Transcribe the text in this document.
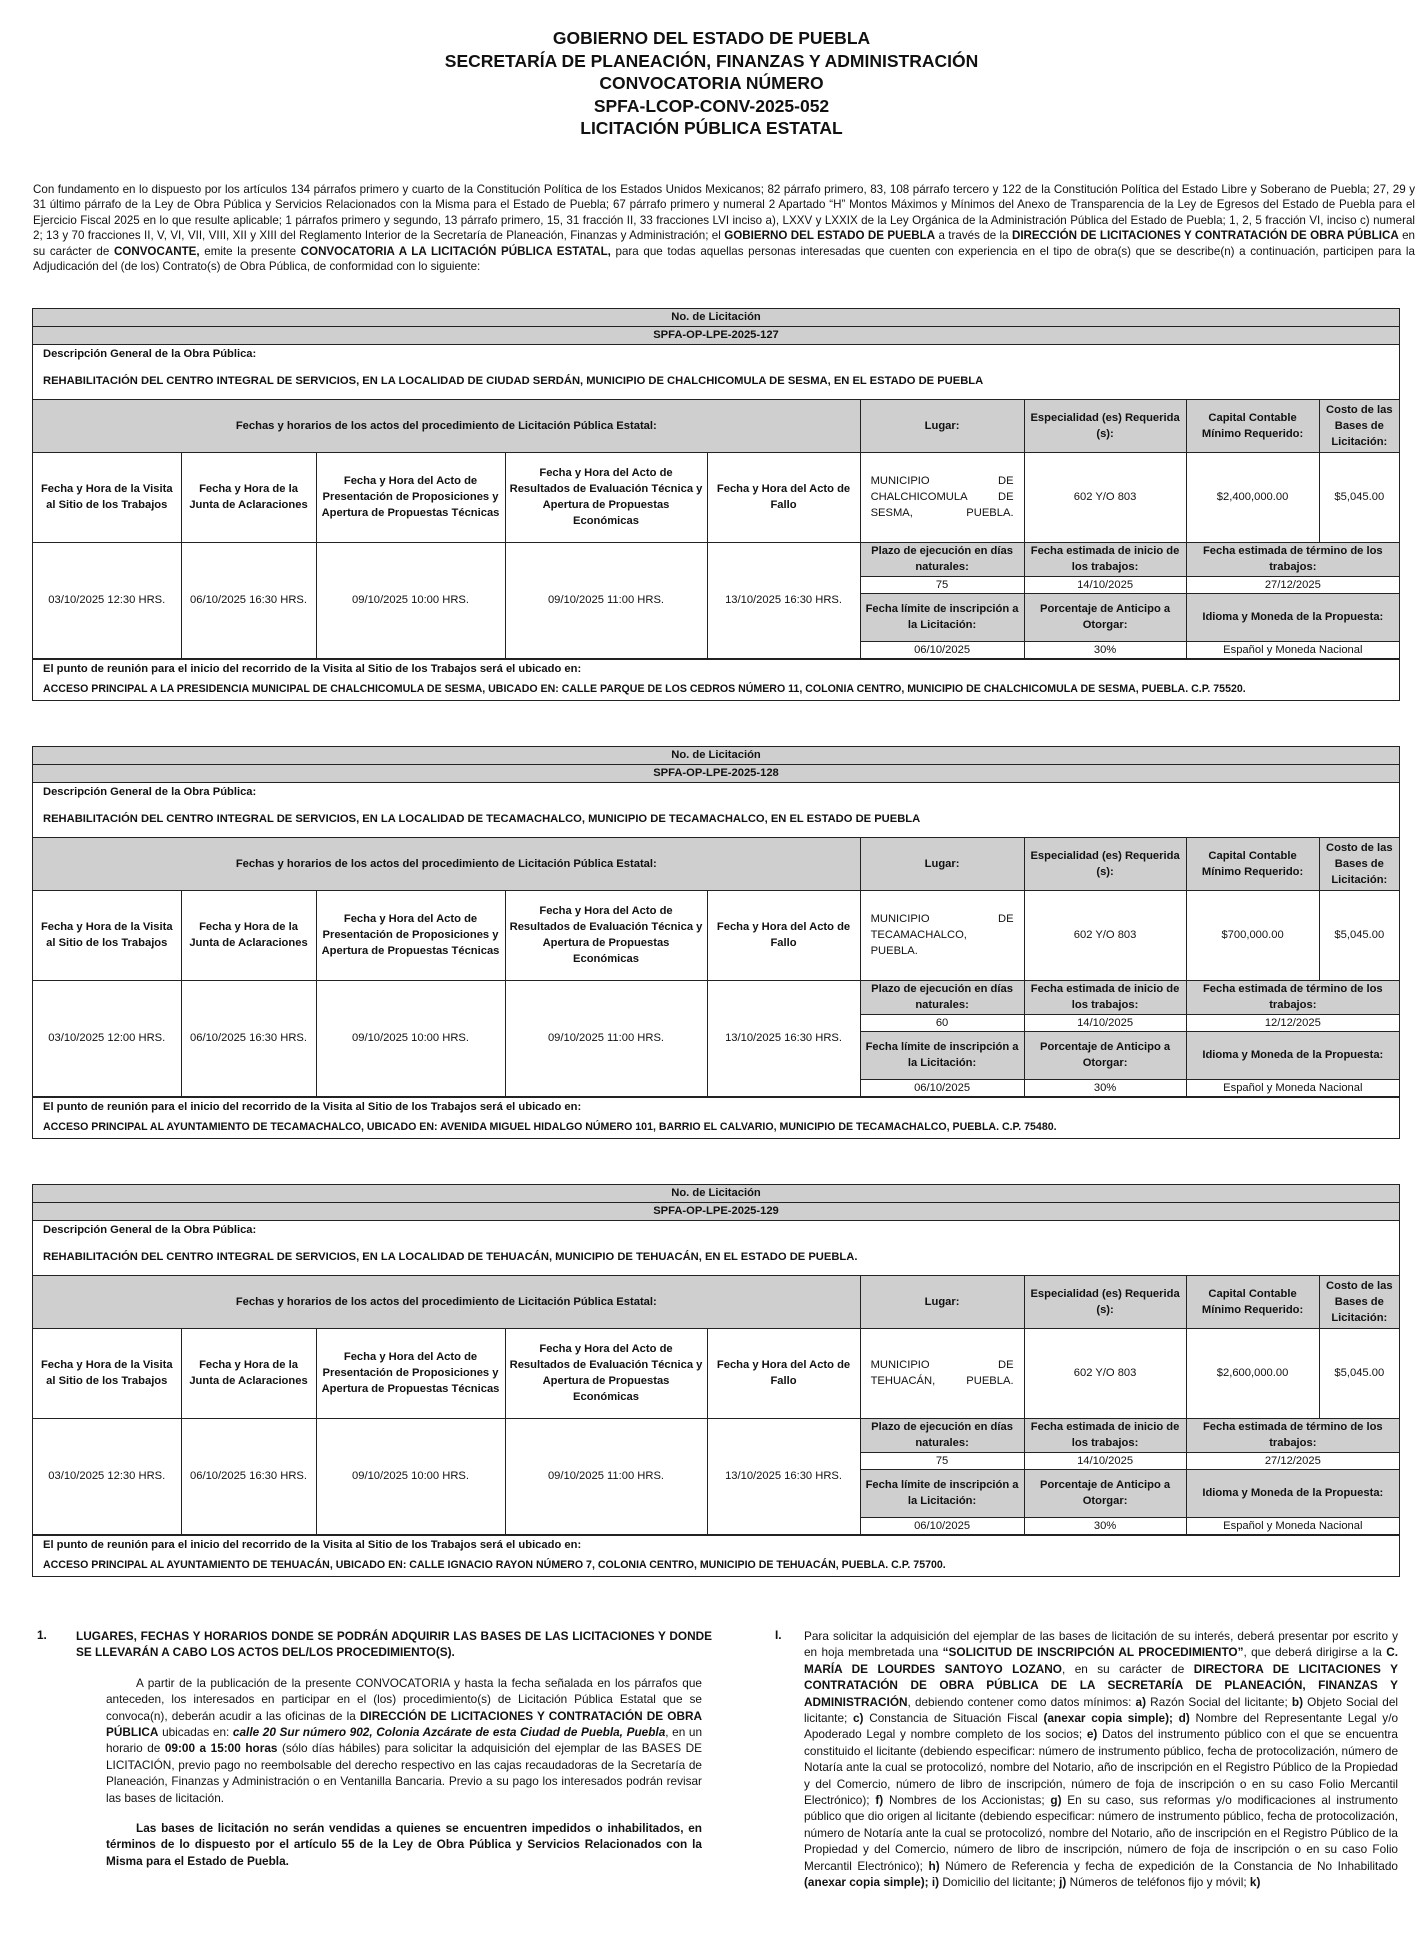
GOBIERNO DEL ESTADO DE PUEBLA
SECRETARÍA DE PLANEACIÓN, FINANZAS Y ADMINISTRACIÓN
CONVOCATORIA NÚMERO
SPFA-LCOP-CONV-2025-052
LICITACIÓN PÚBLICA ESTATAL
Con fundamento en lo dispuesto por los artículos 134 párrafos primero y cuarto de la Constitución Política de los Estados Unidos Mexicanos; 82 párrafo primero, 83, 108 párrafo tercero y 122 de la Constitución Política del Estado Libre y Soberano de Puebla; 27, 29 y 31 último párrafo de la Ley de Obra Pública y Servicios Relacionados con la Misma para el Estado de Puebla; 67 párrafo primero y numeral 2 Apartado “H” Montos Máximos y Mínimos del Anexo de Transparencia de la Ley de Egresos del Estado de Puebla para el Ejercicio Fiscal 2025 en lo que resulte aplicable; 1 párrafos primero y segundo, 13 párrafo primero, 15, 31 fracción II, 33 fracciones LVI inciso a), LXXV y LXXIX de la Ley Orgánica de la Administración Pública del Estado de Puebla; 1, 2, 5 fracción VI, inciso c) numeral 2; 13 y 70 fracciones II, V, VI, VII, VIII, XII y XIII del Reglamento Interior de la Secretaría de Planeación, Finanzas y Administración; el GOBIERNO DEL ESTADO DE PUEBLA a través de la DIRECCIÓN DE LICITACIONES Y CONTRATACIÓN DE OBRA PÚBLICA en su carácter de CONVOCANTE, emite la presente CONVOCATORIA A LA LICITACIÓN PÚBLICA ESTATAL, para que todas aquellas personas interesadas que cuenten con experiencia en el tipo de obra(s) que se describe(n) a continuación, participen para la Adjudicación del (de los) Contrato(s) de Obra Pública, de conformidad con lo siguiente:
No. de Licitación
SPFA-OP-LPE-2025-127
Descripción General de la Obra Pública:
REHABILITACIÓN DEL CENTRO INTEGRAL DE SERVICIOS, EN LA LOCALIDAD DE CIUDAD SERDÁN, MUNICIPIO DE CHALCHICOMULA DE SESMA, EN EL ESTADO DE PUEBLA
Fechas y horarios de los actos del procedimiento de Licitación Pública Estatal:					Lugar:	Especialidad (es) Requerida (s):	Capital Contable Mínimo Requerido:	Costo de las Bases de Licitación:
Fecha y Hora de la Visita al Sitio de los Trabajos	Fecha y Hora de la Junta de Aclaraciones	Fecha y Hora del Acto de Presentación de Proposiciones y Apertura de Propuestas Técnicas	Fecha y Hora del Acto de Resultados de Evaluación Técnica y Apertura de Propuestas Económicas	Fecha y Hora del Acto de Fallo	MUNICIPIO DE CHALCHICOMULA DE SESMA, PUEBLA.	602 Y/O 803	$2,400,000.00	$5,045.00
03/10/2025 12:30 HRS.	06/10/2025 16:30 HRS.	09/10/2025 10:00 HRS.	09/10/2025 11:00 HRS.	13/10/2025 16:30 HRS.	Plazo de ejecución en días naturales:	Fecha estimada de inicio de los trabajos:	Fecha estimada de término de los trabajos:	
					75	14/10/2025	27/12/2025	
					Fecha límite de inscripción a la Licitación:	Porcentaje de Anticipo a Otorgar:	Idioma y Moneda de la Propuesta:	
					06/10/2025	30%	Español y Moneda Nacional	
El punto de reunión para el inicio del recorrido de la Visita al Sitio de los Trabajos será el ubicado en:
ACCESO PRINCIPAL A LA PRESIDENCIA MUNICIPAL DE CHALCHICOMULA DE SESMA, UBICADO EN: CALLE PARQUE DE LOS CEDROS NÚMERO 11, COLONIA CENTRO, MUNICIPIO DE CHALCHICOMULA DE SESMA, PUEBLA. C.P. 75520.
No. de Licitación
SPFA-OP-LPE-2025-128
Descripción General de la Obra Pública:
REHABILITACIÓN DEL CENTRO INTEGRAL DE SERVICIOS, EN LA LOCALIDAD DE TECAMACHALCO, MUNICIPIO DE TECAMACHALCO, EN EL ESTADO DE PUEBLA
Fechas y horarios de los actos del procedimiento de Licitación Pública Estatal:					Lugar:	Especialidad (es) Requerida (s):	Capital Contable Mínimo Requerido:	Costo de las Bases de Licitación:
Fecha y Hora de la Visita al Sitio de los Trabajos	Fecha y Hora de la Junta de Aclaraciones	Fecha y Hora del Acto de Presentación de Proposiciones y Apertura de Propuestas Técnicas	Fecha y Hora del Acto de Resultados de Evaluación Técnica y Apertura de Propuestas Económicas	Fecha y Hora del Acto de Fallo	MUNICIPIO DE TECAMACHALCO, PUEBLA.	602 Y/O 803	$700,000.00	$5,045.00
03/10/2025 12:00 HRS.	06/10/2025 16:30 HRS.	09/10/2025 10:00 HRS.	09/10/2025 11:00 HRS.	13/10/2025 16:30 HRS.	Plazo de ejecución en días naturales:	Fecha estimada de inicio de los trabajos:	Fecha estimada de término de los trabajos:	
					60	14/10/2025	12/12/2025	
					Fecha límite de inscripción a la Licitación:	Porcentaje de Anticipo a Otorgar:	Idioma y Moneda de la Propuesta:	
					06/10/2025	30%	Español y Moneda Nacional	
El punto de reunión para el inicio del recorrido de la Visita al Sitio de los Trabajos será el ubicado en:
ACCESO PRINCIPAL AL AYUNTAMIENTO DE TECAMACHALCO, UBICADO EN: AVENIDA MIGUEL HIDALGO NÚMERO 101, BARRIO EL CALVARIO, MUNICIPIO DE TECAMACHALCO, PUEBLA. C.P. 75480.
No. de Licitación
SPFA-OP-LPE-2025-129
Descripción General de la Obra Pública:
REHABILITACIÓN DEL CENTRO INTEGRAL DE SERVICIOS, EN LA LOCALIDAD DE TEHUACÁN, MUNICIPIO DE TEHUACÁN, EN EL ESTADO DE PUEBLA.
Fechas y horarios de los actos del procedimiento de Licitación Pública Estatal:					Lugar:	Especialidad (es) Requerida (s):	Capital Contable Mínimo Requerido:	Costo de las Bases de Licitación:
Fecha y Hora de la Visita al Sitio de los Trabajos	Fecha y Hora de la Junta de Aclaraciones	Fecha y Hora del Acto de Presentación de Proposiciones y Apertura de Propuestas Técnicas	Fecha y Hora del Acto de Resultados de Evaluación Técnica y Apertura de Propuestas Económicas	Fecha y Hora del Acto de Fallo	MUNICIPIO DE TEHUACÁN, PUEBLA.	602 Y/O 803	$2,600,000.00	$5,045.00
03/10/2025 12:30 HRS.	06/10/2025 16:30 HRS.	09/10/2025 10:00 HRS.	09/10/2025 11:00 HRS.	13/10/2025 16:30 HRS.	Plazo de ejecución en días naturales:	Fecha estimada de inicio de los trabajos:	Fecha estimada de término de los trabajos:	
					75	14/10/2025	27/12/2025	
					Fecha límite de inscripción a la Licitación:	Porcentaje de Anticipo a Otorgar:	Idioma y Moneda de la Propuesta:	
					06/10/2025	30%	Español y Moneda Nacional	
El punto de reunión para el inicio del recorrido de la Visita al Sitio de los Trabajos será el ubicado en:
ACCESO PRINCIPAL AL AYUNTAMIENTO DE TEHUACÁN, UBICADO EN: CALLE IGNACIO RAYON NÚMERO 7, COLONIA CENTRO, MUNICIPIO DE TEHUACÁN, PUEBLA. C.P. 75700.
1. LUGARES, FECHAS Y HORARIOS DONDE SE PODRÁN ADQUIRIR LAS BASES DE LAS LICITACIONES Y DONDE SE LLEVARÁN A CABO LOS ACTOS DEL/LOS PROCEDIMIENTO(S).

A partir de la publicación de la presente CONVOCATORIA y hasta la fecha señalada en los párrafos que anteceden, los interesados en participar en el (los) procedimiento(s) de Licitación Pública Estatal que se convoca(n), deberán acudir a las oficinas de la DIRECCIÓN DE LICITACIONES Y CONTRATACIÓN DE OBRA PÚBLICA ubicadas en: calle 20 Sur número 902, Colonia Azcárate de esta Ciudad de Puebla, Puebla, en un horario de 09:00 a 15:00 horas (sólo días hábiles) para solicitar la adquisición del ejemplar de las BASES DE LICITACIÓN, previo pago no reembolsable del derecho respectivo en las cajas recaudadoras de la Secretaría de Planeación, Finanzas y Administración o en Ventanilla Bancaria. Previo a su pago los interesados podrán revisar las bases de licitación.

Las bases de licitación no serán vendidas a quienes se encuentren impedidos o inhabilitados, en términos de lo dispuesto por el artículo 55 de la Ley de Obra Pública y Servicios Relacionados con la Misma para el Estado de Puebla.

I. Para solicitar la adquisición del ejemplar de las bases de licitación de su interés, deberá presentar por escrito y en hoja membretada una “SOLICITUD DE INSCRIPCIÓN AL PROCEDIMIENTO”, que deberá dirigirse a la C. MARÍA DE LOURDES SANTOYO LOZANO, en su carácter de DIRECTORA DE LICITACIONES Y CONTRATACIÓN DE OBRA PÚBLICA DE LA SECRETARÍA DE PLANEACIÓN, FINANZAS Y ADMINISTRACIÓN, debiendo contener como datos mínimos: a) Razón Social del licitante; b) Objeto Social del licitante; c) Constancia de Situación Fiscal (anexar copia simple); d) Nombre del Representante Legal y/o Apoderado Legal y nombre completo de los socios; e) Datos del instrumento público con el que se encuentra constituido el licitante (debiendo especificar: número de instrumento público, fecha de protocolización, número de Notaría ante la cual se protocolizó, nombre del Notario, año de inscripción en el Registro Público de la Propiedad y del Comercio, número de libro de inscripción, número de foja de inscripción o en su caso Folio Mercantil Electrónico); f) Nombres de los Accionistas; g) En su caso, sus reformas y/o modificaciones al instrumento público que dio origen al licitante (debiendo especificar: número de instrumento público, fecha de protocolización, número de Notaría ante la cual se protocolizó, nombre del Notario, año de inscripción en el Registro Público de la Propiedad y del Comercio, número de libro de inscripción, número de foja de inscripción o en su caso Folio Mercantil Electrónico); h) Número de Referencia y fecha de expedición de la Constancia de No Inhabilitado (anexar copia simple); i) Domicilio del licitante; j) Números de teléfonos fijo y móvil; k)
